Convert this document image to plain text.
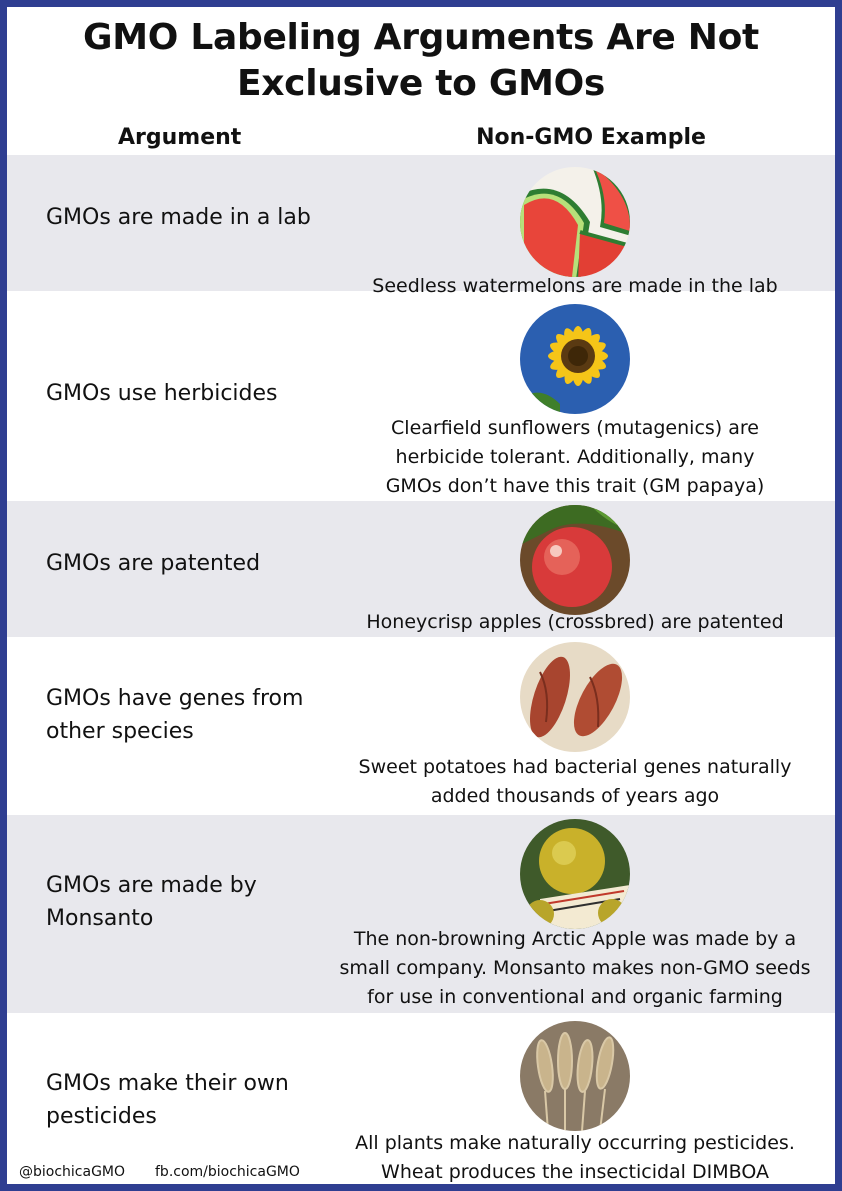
GMO Labeling Arguments Are Not
Exclusive to GMOs
Argument	Non-GMO Example
GMOs are made in a lab
Seedless watermelons are made in the lab
GMOs use herbicides
Clearfield sunflowers (mutagenics) are
herbicide tolerant. Additionally, many
GMOs don’t have this trait (GM papaya)
GMOs are patented
Honeycrisp apples (crossbred) are patented
GMOs have genes from
other species
Sweet potatoes had bacterial genes naturally
added thousands of years ago
GMOs are made by
Monsanto
The non-browning Arctic Apple was made by a
small company. Monsanto makes non-GMO seeds
for use in conventional and organic farming
GMOs make their own
pesticides
All plants make naturally occurring pesticides.
Wheat produces the insecticidal DIMBOA
@biochicaGMO fb.com/biochicaGMO
